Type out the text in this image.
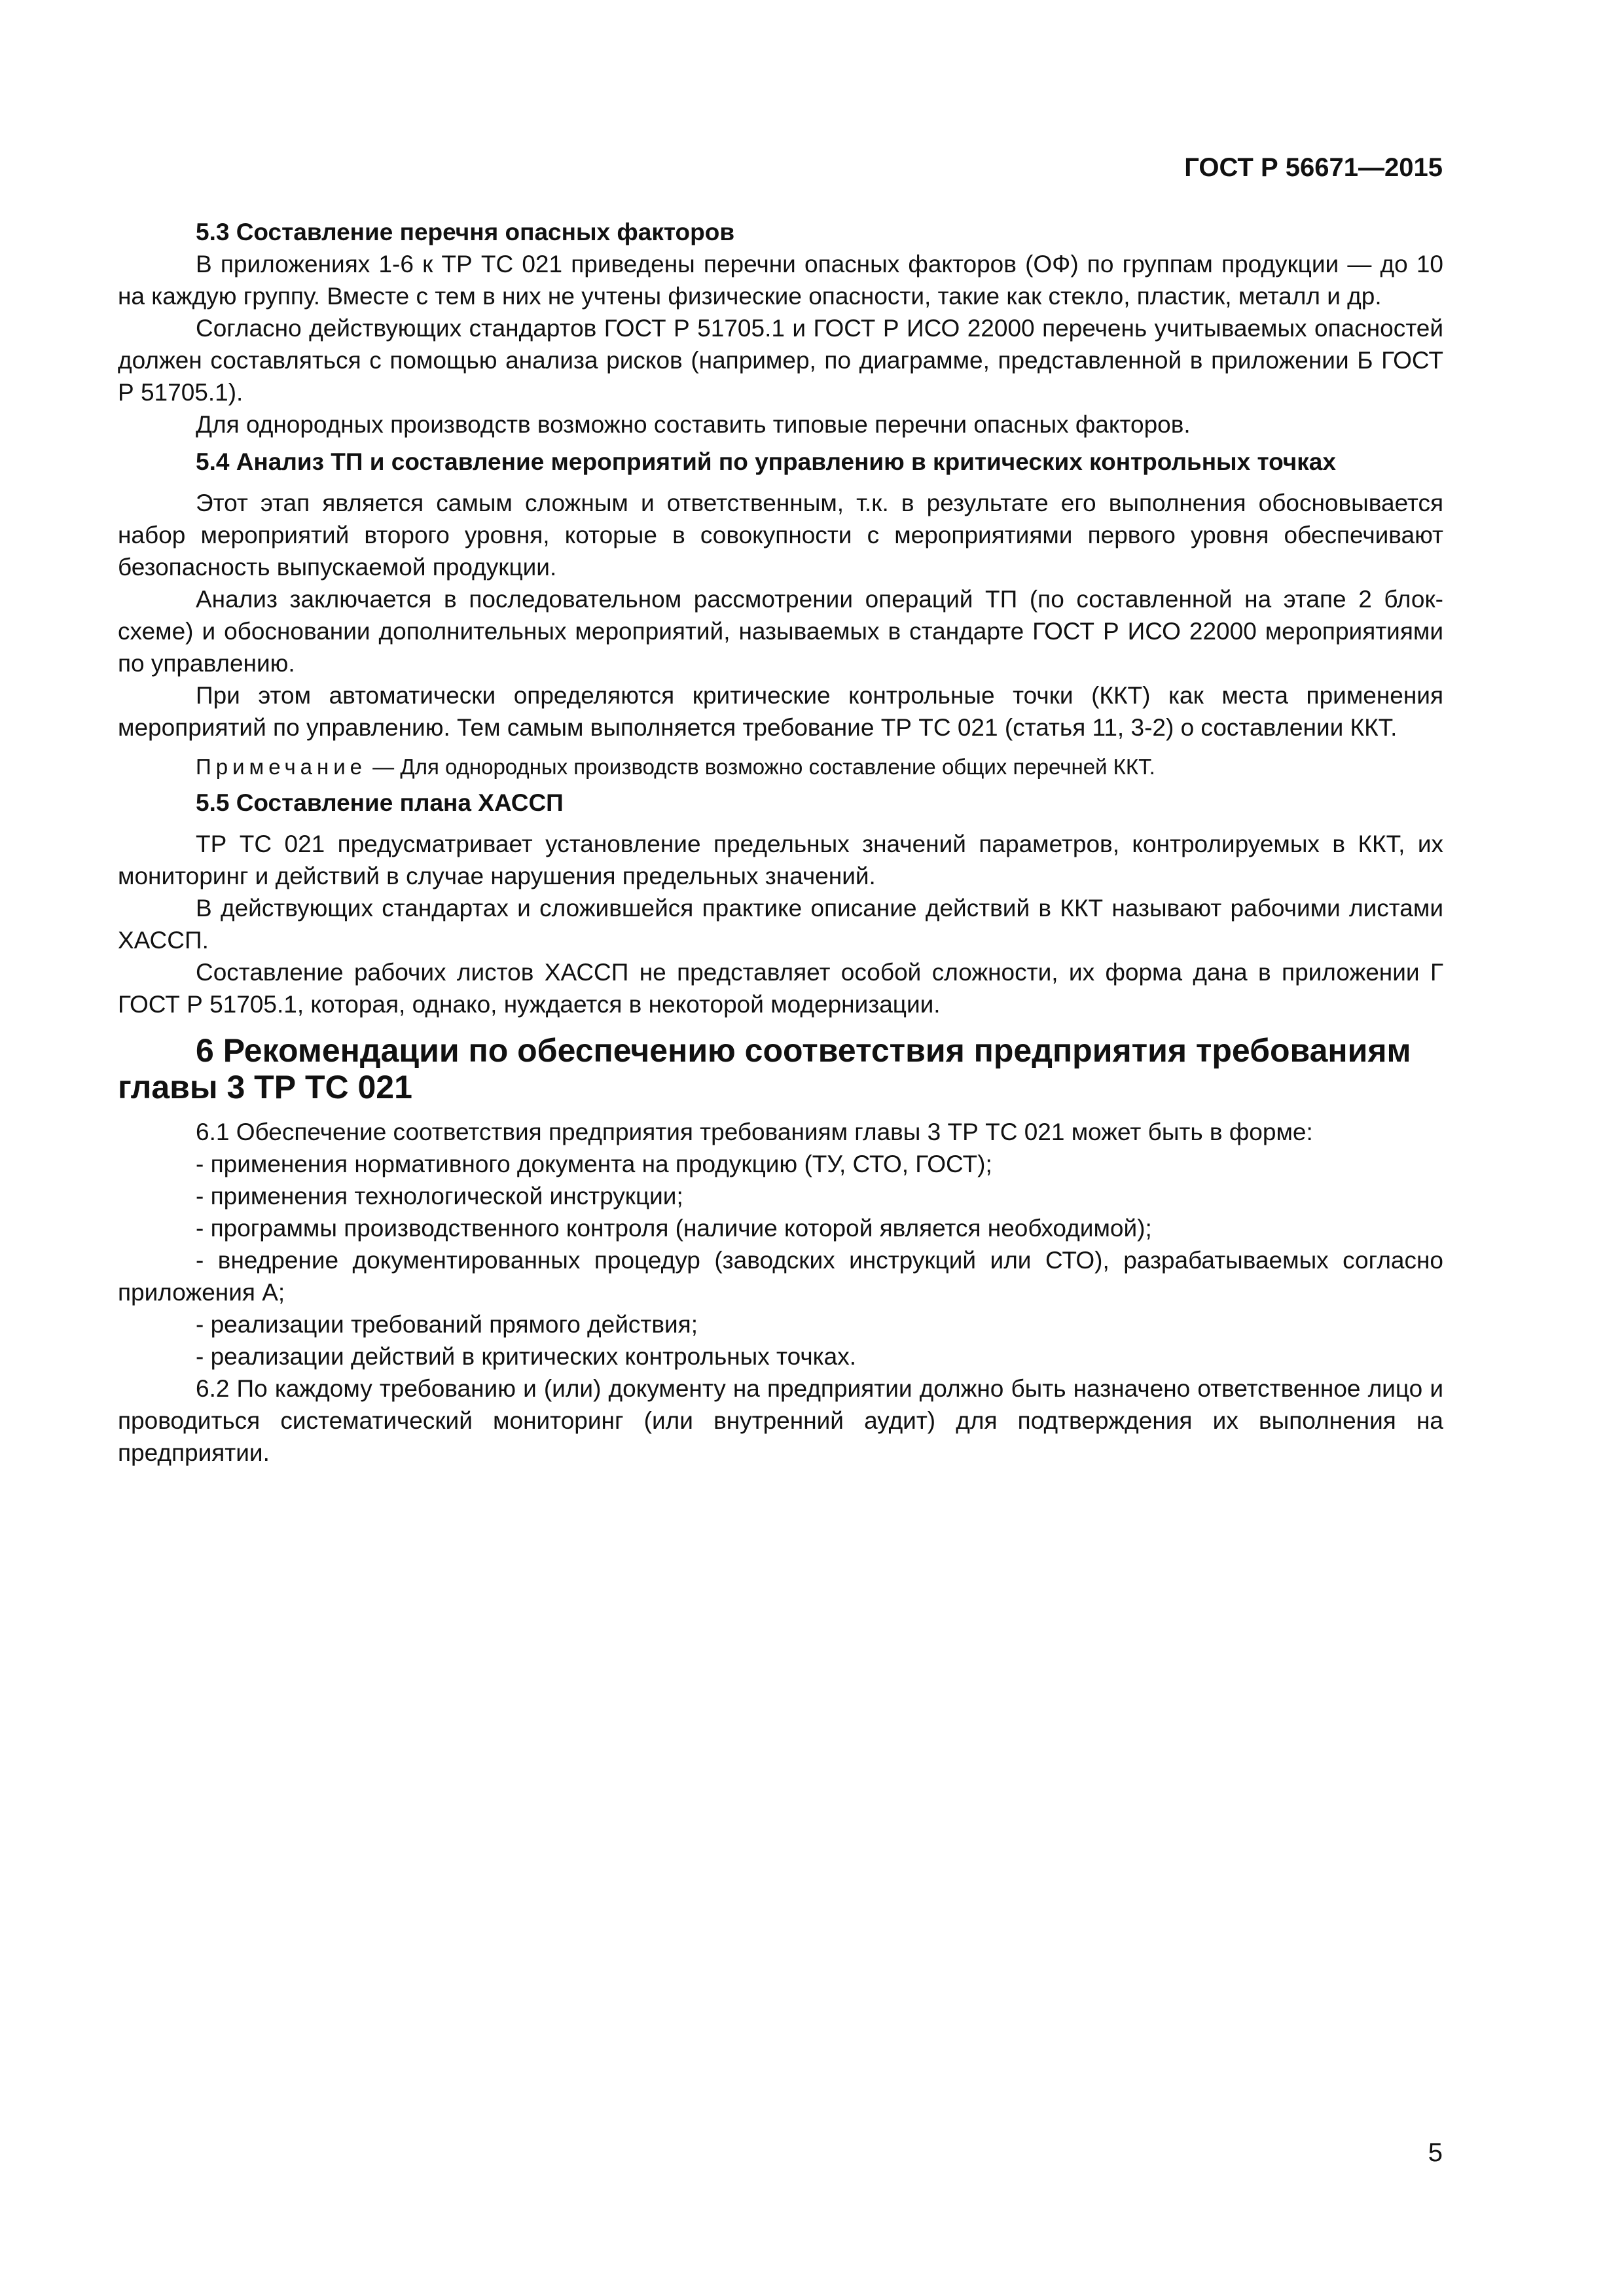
ГОСТ Р 56671—2015

5.3 Составление перечня опасных факторов

В приложениях 1-6 к ТР ТС 021 приведены перечни опасных факторов (ОФ) по группам продукции — до 10 на каждую группу. Вместе с тем в них не учтены физические опасности, такие как стекло, пластик, металл и др.

Согласно действующих стандартов ГОСТ Р 51705.1 и ГОСТ Р ИСО 22000 перечень учитываемых опасностей должен составляться с помощью анализа рисков (например, по диаграмме, представленной в приложении Б ГОСТ Р 51705.1).

Для однородных производств возможно составить типовые перечни опасных факторов.

5.4 Анализ ТП и составление мероприятий по управлению в критических контрольных точках

Этот этап является самым сложным и ответственным, т.к. в результате его выполнения обосновывается набор мероприятий второго уровня, которые в совокупности с мероприятиями первого уровня обеспечивают безопасность выпускаемой продукции.

Анализ заключается в последовательном рассмотрении операций ТП (по составленной на этапе 2 блок-схеме) и обосновании дополнительных мероприятий, называемых в стандарте ГОСТ Р ИСО 22000 мероприятиями по управлению.

При этом автоматически определяются критические контрольные точки (ККТ) как места применения мероприятий по управлению. Тем самым выполняется требование ТР ТС 021 (статья 11, 3-2) о составлении ККТ.

Примечание — Для однородных производств возможно составление общих перечней ККТ.

5.5 Составление плана ХАССП

ТР ТС 021 предусматривает установление предельных значений параметров, контролируемых в ККТ, их мониторинг и действий в случае нарушения предельных значений.

В действующих стандартах и сложившейся практике описание действий в ККТ называют рабочими листами ХАССП.

Составление рабочих листов ХАССП не представляет особой сложности, их форма дана в приложении Г ГОСТ Р 51705.1, которая, однако, нуждается в некоторой модернизации.

6 Рекомендации по обеспечению соответствия предприятия требованиям главы 3 ТР ТС 021

6.1 Обеспечение соответствия предприятия требованиям главы 3 ТР ТС 021 может быть в форме:

- применения нормативного документа на продукцию (ТУ, СТО, ГОСТ);

- применения технологической инструкции;

- программы производственного контроля (наличие которой является необходимой);

- внедрение документированных процедур (заводских инструкций или СТО), разрабатываемых согласно приложения А;

- реализации требований прямого действия;

- реализации действий в критических контрольных точках.

6.2 По каждому требованию и (или) документу на предприятии должно быть назначено ответственное лицо и проводиться систематический мониторинг (или внутренний аудит) для подтверждения их выполнения на предприятии.

5
